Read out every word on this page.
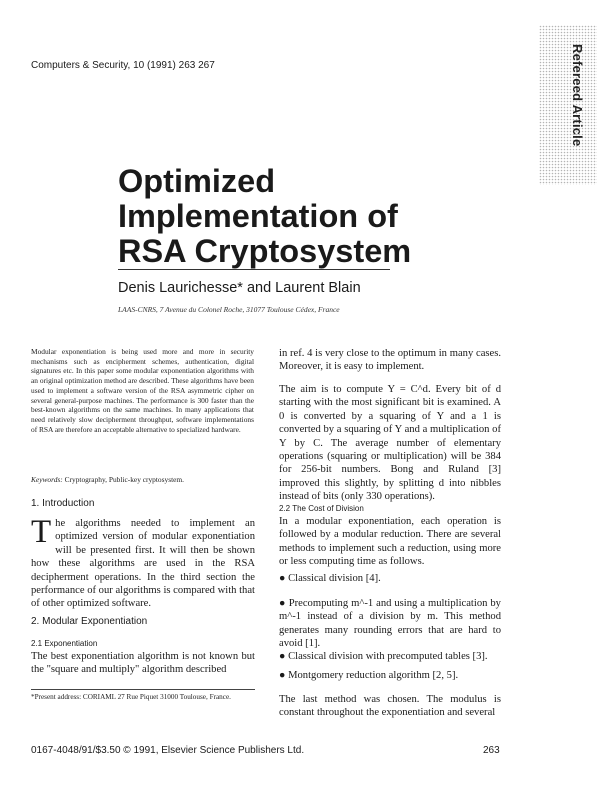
Computers & Security, 10 (1991) 263 267	Refereed Article
Optimized
Implementation of
RSA Cryptosystem
Denis Laurichesse* and Laurent Blain
LAAS-CNRS, 7 Avenue du Colonel Roche, 31077 Toulouse Cédex, France

Modular exponentiation is being used more and more in security mechanisms such as encipherment schemes, authentication, digital signatures etc. In this paper some modular exponentiation algorithms with an original optimization method are described. These algorithms have been used to implement a software version of the RSA asymmetric cipher on several general-purpose machines. The performance is 300 faster than the best-known algorithms on the same machines. In many applications that need relatively slow decipherment throughput, software implementations of RSA are therefore an acceptable alternative to specialized hardware.

Keywords: Cryptography, Public-key cryptosystem.

1. Introduction

The algorithms needed to implement an optimized version of modular exponentiation will be presented first. It will then be shown how these algorithms are used in the RSA decipherment operations. In the third section the performance of our algorithms is compared with that of other optimized software.

2. Modular Exponentiation
2.1 Exponentiation

The best exponentiation algorithm is not known but the "square and multiply" algorithm described

*Present address: CORIAML 27 Rue Piquet 31000 Toulouse, France.

in ref. 4 is very close to the optimum in many cases. Moreover, it is easy to implement.

The aim is to compute Y = C^d. Every bit of d starting with the most significant bit is examined. A 0 is converted by a squaring of Y and a 1 is converted by a squaring of Y and a multiplication of Y by C. The average number of elementary operations (squaring or multiplication) will be 384 for 256-bit numbers. Bong and Ruland [3] improved this slightly, by splitting d into nibbles instead of bits (only 330 operations).

2.2 The Cost of Division

In a modular exponentiation, each operation is followed by a modular reduction. There are several methods to implement such a reduction, using more or less computing time as follows.

● Classical division [4].

● Precomputing m^-1 and using a multiplication by m^-1 instead of a division by m. This method generates many rounding errors that are hard to avoid [1].

● Classical division with precomputed tables [3].

● Montgomery reduction algorithm [2, 5].

The last method was chosen. The modulus is constant throughout the exponentiation and several

0167-4048/91/$3.50 © 1991, Elsevier Science Publishers Ltd.	263
